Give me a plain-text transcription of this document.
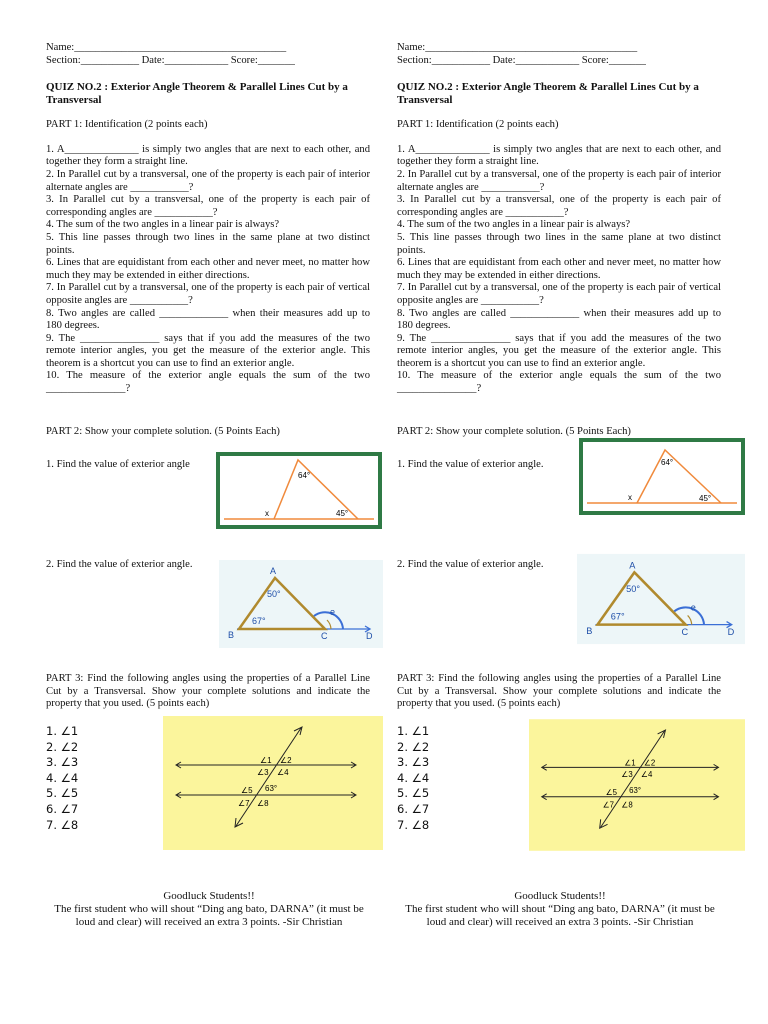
Name:________________________________________
Section:___________ Date:____________ Score:_______
QUIZ NO.2 : Exterior Angle Theorem & Parallel Lines Cut by a Transversal
PART 1: Identification (2 points each)
1. A______________ is simply two angles that are next to each other, and together they form a straight line.
2. In Parallel cut by a transversal, one of the property is each pair of interior alternate angles are ___________?
3. In Parallel cut by a transversal, one of the property is each pair of corresponding angles are ___________?
4. The sum of the two angles in a linear pair is always?
5. This line passes through two lines in the same plane at two distinct points.
6. Lines that are equidistant from each other and never meet, no matter how much they may be extended in either directions.
7. In Parallel cut by a transversal, one of the property is each pair of vertical opposite angles are ___________?
8. Two angles are called _____________ when their measures add up to 180 degrees.
9. The _______________ says that if you add the measures of the two remote interior angles, you get the measure of the exterior angle. This theorem is a shortcut you can use to find an exterior angle.
10. The measure of the exterior angle equals the sum of the two _______________?
PART 2: Show your complete solution. (5 Points Each)
Name:________________________________________
Section:___________ Date:____________ Score:_______
QUIZ NO.2 : Exterior Angle Theorem & Parallel Lines Cut by a Transversal
PART 1: Identification (2 points each)
1. A______________ is simply two angles that are next to each other, and together they form a straight line.
2. In Parallel cut by a transversal, one of the property is each pair of interior alternate angles are ___________?
3. In Parallel cut by a transversal, one of the property is each pair of corresponding angles are ___________?
4. The sum of the two angles in a linear pair is always?
5. This line passes through two lines in the same plane at two distinct points.
6. Lines that are equidistant from each other and never meet, no matter how much they may be extended in either directions.
7. In Parallel cut by a transversal, one of the property is each pair of vertical opposite angles are ___________?
8. Two angles are called _____________ when their measures add up to 180 degrees.
9. The _______________ says that if you add the measures of the two remote interior angles, you get the measure of the exterior angle. This theorem is a shortcut you can use to find an exterior angle.
10. The measure of the exterior angle equals the sum of the two _______________?
PART 2: Show your complete solution. (5 Points Each)
1. Find the value of exterior angle	1. Find the value of exterior angle.
2. Find the value of exterior angle.	2. Find the value of exterior angle.
64°
45°
x
64°
45°
x
A
50°
67°
B	C	D
e
A
50°
67°
B	C	D
e
PART 3: Find the following angles using the properties of a Parallel Line Cut by a Transversal. Show your complete solutions and indicate the property that you used. (5 points each)
PART 3: Find the following angles using the properties of a Parallel Line Cut by a Transversal. Show your complete solutions and indicate the property that you used. (5 points each)
1. ∠1
2. ∠2
3. ∠3
4. ∠4
5. ∠5
6. ∠7
7. ∠8
1. ∠1
2. ∠2
3. ∠3
4. ∠4
5. ∠5
6. ∠7
7. ∠8
∠1 ∠2
∠3 ∠4
∠5 63°
∠7 ∠8
∠1 ∠2
∠3 ∠4
∠5 63°
∠7 ∠8
Goodluck Students!!
The first student who will shout “Ding ang bato, DARNA” (it must be loud and clear) will received an extra 3 points. -Sir Christian
Goodluck Students!!
The first student who will shout “Ding ang bato, DARNA” (it must be loud and clear) will received an extra 3 points. -Sir Christian
